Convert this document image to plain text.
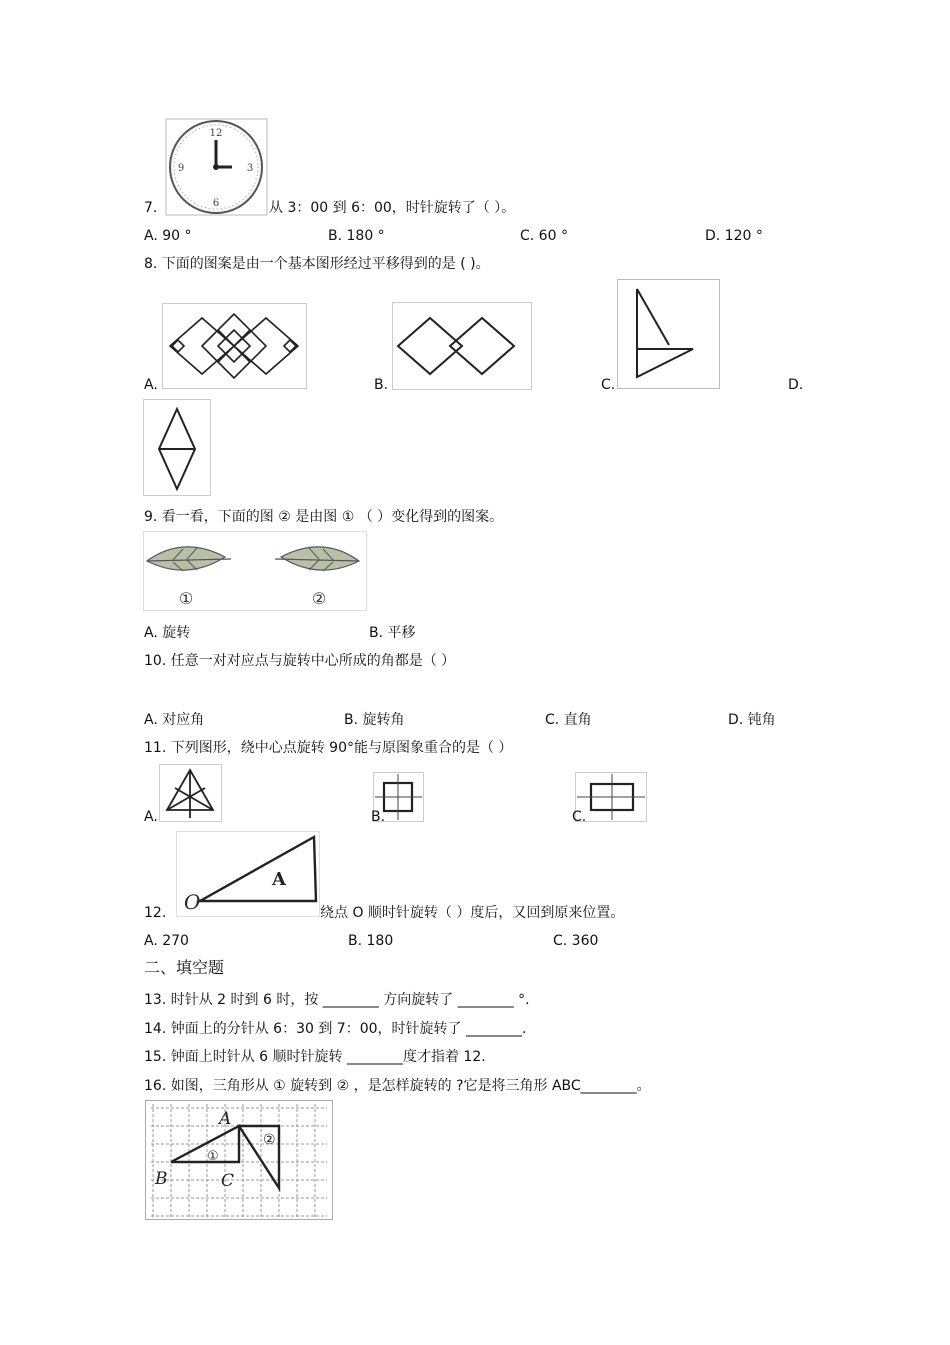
12
3
6
9
7.	从 3：00 到 6：00，时针旋转了（ ）。
A. 90 °	B. 180 °	C. 60 °	D. 120 °
8. 下面的图案是由一个基本图形经过平移得到的是 ( )。
A.	B.	C.	D.
9. 看一看，下面的图 ② 是由图 ① （ ）变化得到的图案。
①	②
A. 旋转	B. 平移
10. 任意一对对应点与旋转中心所成的角都是（ ）
A. 对应角	B. 旋转角	C. 直角	D. 钝角
11. 下列图形，绕中心点旋转 90°能与原图象重合的是（ ）
A.	B.	C.
O
A
12.	绕点 O 顺时针旋转（ ）度后，又回到原来位置。
A. 270	B. 180	C. 360
二、填空题
13. 时针从 2 时到 6 时，按 ________ 方向旋转了 ________ °.
14. 钟面上的分针从 6：30 到 7：00，时针旋转了 ________.
15. 钟面上时针从 6 顺时针旋转 ________度才指着 12.
16. 如图，三角形从 ① 旋转到 ② ，是怎样旋转的 ?它是将三角形 ABC________。
A
B	C
①
②
